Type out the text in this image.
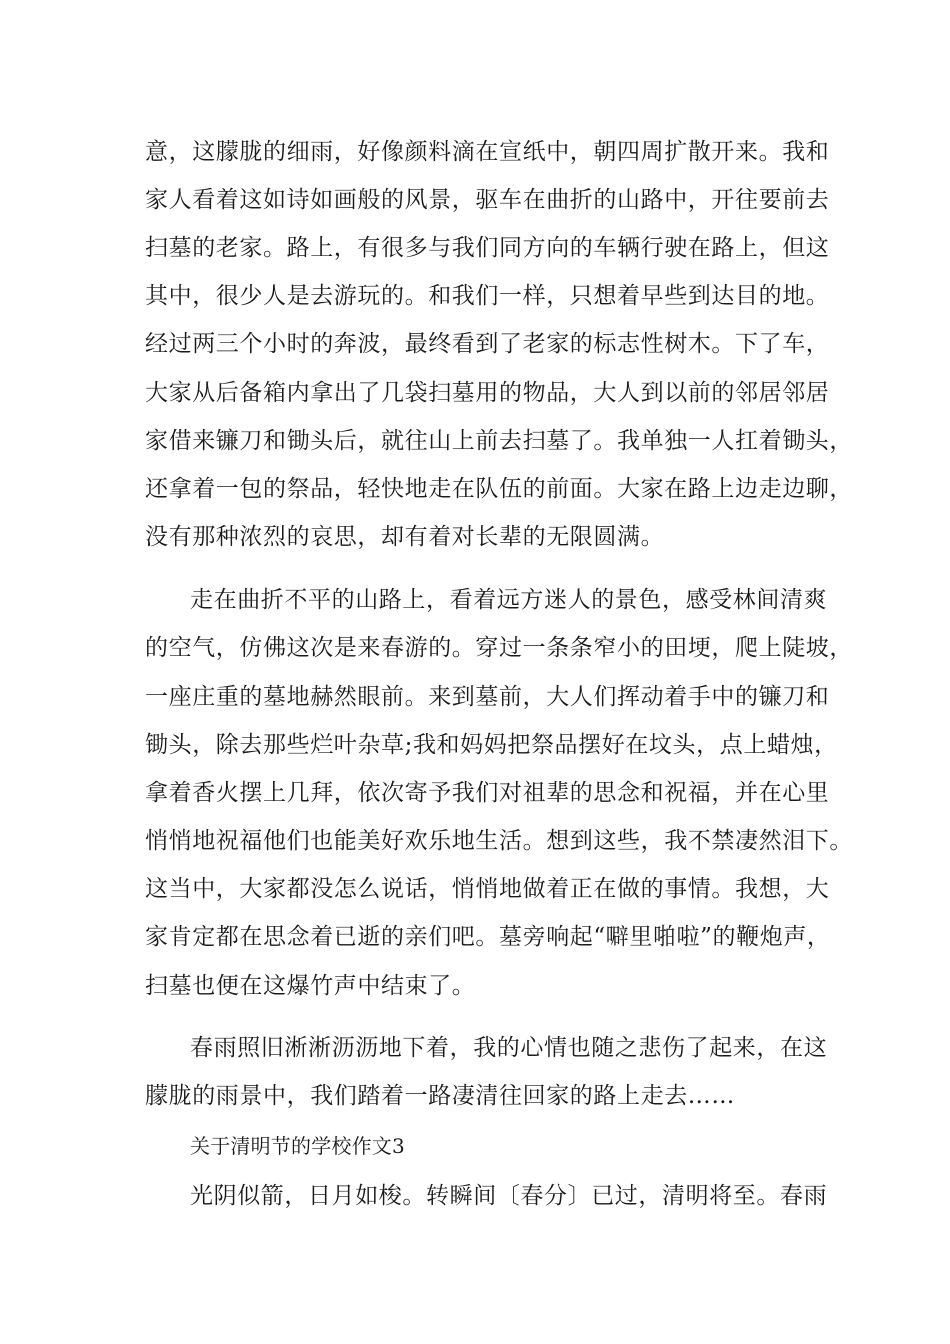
意，这朦胧的细雨，好像颜料滴在宣纸中，朝四周扩散开来。我和

家人看着这如诗如画般的风景，驱车在曲折的山路中，开往要前去

扫墓的老家。路上，有很多与我们同方向的车辆行驶在路上，但这

其中，很少人是去游玩的。和我们一样，只想着早些到达目的地。

经过两三个小时的奔波，最终看到了老家的标志性树木。下了车，

大家从后备箱内拿出了几袋扫墓用的物品，大人到以前的邻居邻居

家借来镰刀和锄头后，就往山上前去扫墓了。我单独一人扛着锄头，

还拿着一包的祭品，轻快地走在队伍的前面。大家在路上边走边聊，

没有那种浓烈的哀思，却有着对长辈的无限圆满。

走在曲折不平的山路上，看着远方迷人的景色，感受林间清爽

的空气，仿佛这次是来春游的。穿过一条条窄小的田埂，爬上陡坡，

一座庄重的墓地赫然眼前。来到墓前，大人们挥动着手中的镰刀和

锄头，除去那些烂叶杂草;我和妈妈把祭品摆好在坟头，点上蜡烛，

拿着香火摆上几拜，依次寄予我们对祖辈的思念和祝福，并在心里

悄悄地祝福他们也能美好欢乐地生活。想到这些，我不禁凄然泪下。

这当中，大家都没怎么说话，悄悄地做着正在做的事情。我想，大

家肯定都在思念着已逝的亲们吧。墓旁响起“噼里啪啦”的鞭炮声，

扫墓也便在这爆竹声中结束了。

春雨照旧淅淅沥沥地下着，我的心情也随之悲伤了起来，在这

朦胧的雨景中，我们踏着一路凄清往回家的路上走去……

关于清明节的学校作文3

光阴似箭，日月如梭。转瞬间〔春分〕已过，清明将至。春雨
